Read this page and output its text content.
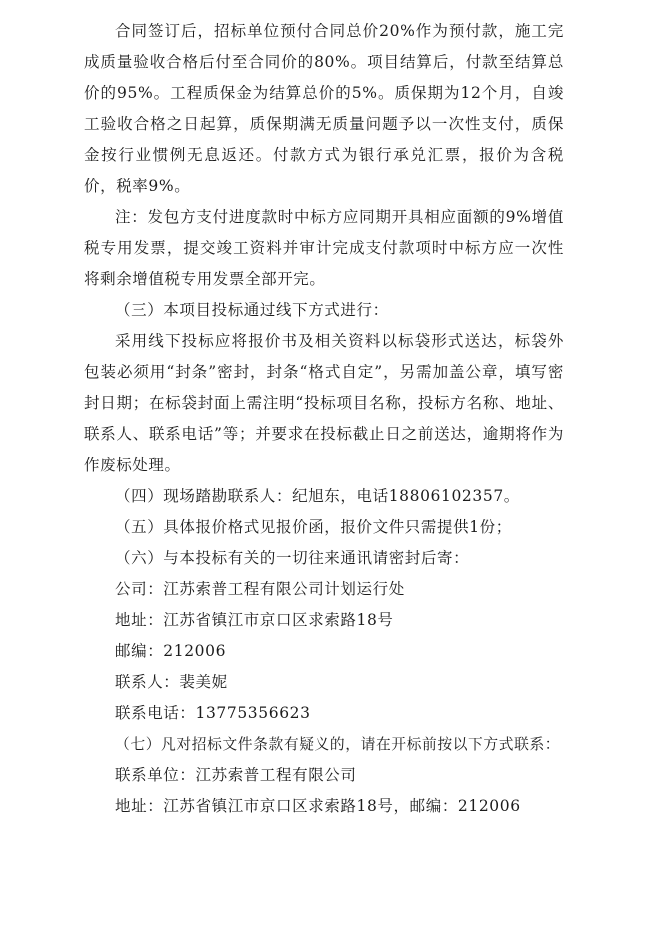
合同签订后，招标单位预付合同总价20%作为预付款，施工完成质量验收合格后付至合同价的80%。项目结算后，付款至结算总价的95%。工程质保金为结算总价的5%。质保期为12个月，自竣工验收合格之日起算，质保期满无质量问题予以一次性支付，质保金按行业惯例无息返还。付款方式为银行承兑汇票，报价为含税价，税率9%。

注：发包方支付进度款时中标方应同期开具相应面额的9%增值税专用发票，提交竣工资料并审计完成支付款项时中标方应一次性将剩余增值税专用发票全部开完。

（三）本项目投标通过线下方式进行：

采用线下投标应将报价书及相关资料以标袋形式送达，标袋外包装必须用“封条”密封，封条“格式自定”，另需加盖公章，填写密封日期；在标袋封面上需注明“投标项目名称，投标方名称、地址、联系人、联系电话”等；并要求在投标截止日之前送达，逾期将作为作废标处理。

（四）现场踏勘联系人：纪旭东，电话18806102357。

（五）具体报价格式见报价函，报价文件只需提供1份；

（六）与本投标有关的一切往来通讯请密封后寄：

公司：江苏索普工程有限公司计划运行处

地址：江苏省镇江市京口区求索路18号

邮编：212006

联系人：裴美妮

联系电话：13775356623

（七）凡对招标文件条款有疑义的，请在开标前按以下方式联系：

联系单位：江苏索普工程有限公司

地址：江苏省镇江市京口区求索路18号，邮编：212006
